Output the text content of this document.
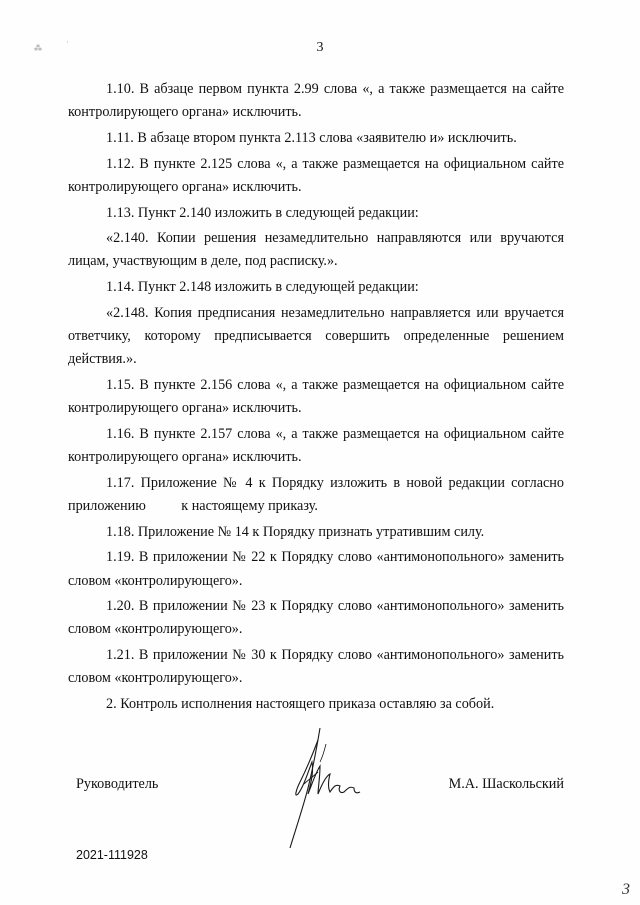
⁂
·	3

1.10. В абзаце первом пункта 2.99 слова «, а также размещается на сайте контролирующего органа» исключить.

1.11. В абзаце втором пункта 2.113 слова «заявителю и» исключить.

1.12. В пункте 2.125 слова «, а также размещается на официальном сайте контролирующего органа» исключить.

1.13. Пункт 2.140 изложить в следующей редакции:

«2.140. Копии решения незамедлительно направляются или вручаются лицам, участвующим в деле, под расписку.».

1.14. Пункт 2.148 изложить в следующей редакции:

«2.148. Копия предписания незамедлительно направляется или вручается ответчику, которому предписывается совершить определенные решением действия.».

1.15. В пункте 2.156 слова «, а также размещается на официальном сайте контролирующего органа» исключить.

1.16. В пункте 2.157 слова «, а также размещается на официальном сайте контролирующего органа» исключить.

1.17. Приложение № 4 к Порядку изложить в новой редакции согласно приложению          к настоящему приказу.

1.18. Приложение № 14 к Порядку признать утратившим силу.

1.19. В приложении № 22 к Порядку слово «антимонопольного» заменить словом «контролирующего».

1.20. В приложении № 23 к Порядку слово «антимонопольного» заменить словом «контролирующего».

1.21. В приложении № 30 к Порядку слово «антимонопольного» заменить словом «контролирующего».

2. Контроль исполнения настоящего приказа оставляю за собой.

Руководитель	М.А. Шаскольский
2021-111928
3
